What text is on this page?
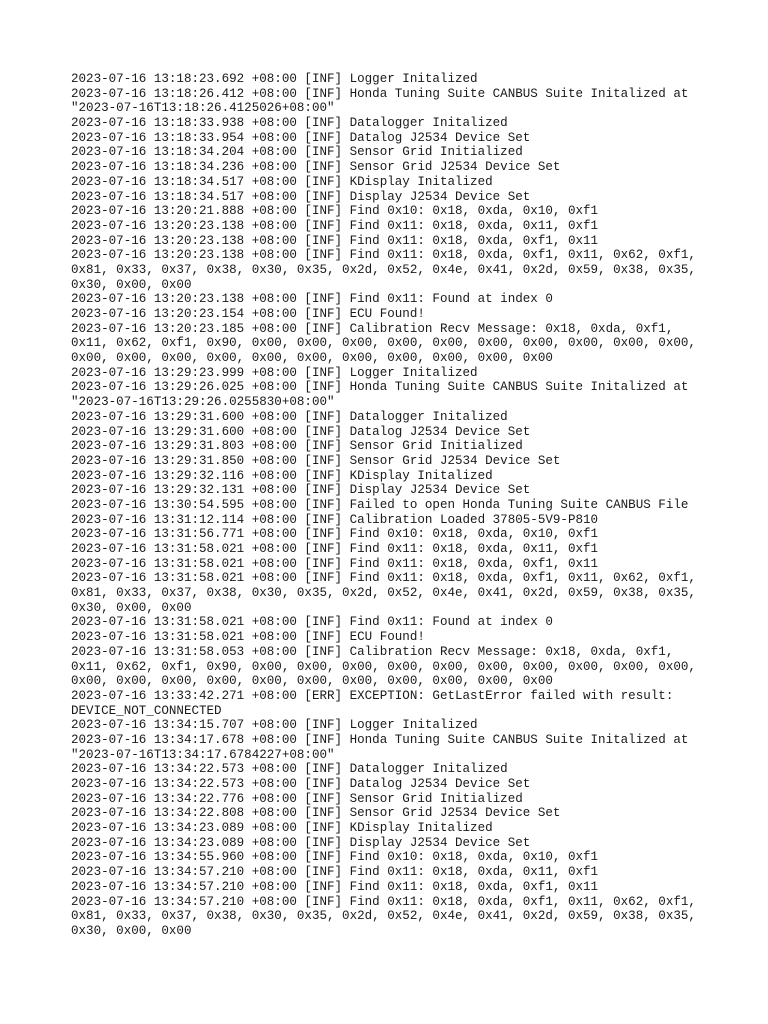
2023-07-16 13:18:23.692 +08:00 [INF] Logger Initalized
2023-07-16 13:18:26.412 +08:00 [INF] Honda Tuning Suite CANBUS Suite Initalized at
"2023-07-16T13:18:26.4125026+08:00"
2023-07-16 13:18:33.938 +08:00 [INF] Datalogger Initalized
2023-07-16 13:18:33.954 +08:00 [INF] Datalog J2534 Device Set
2023-07-16 13:18:34.204 +08:00 [INF] Sensor Grid Initialized
2023-07-16 13:18:34.236 +08:00 [INF] Sensor Grid J2534 Device Set
2023-07-16 13:18:34.517 +08:00 [INF] KDisplay Initalized
2023-07-16 13:18:34.517 +08:00 [INF] Display J2534 Device Set
2023-07-16 13:20:21.888 +08:00 [INF] Find 0x10: 0x18, 0xda, 0x10, 0xf1
2023-07-16 13:20:23.138 +08:00 [INF] Find 0x11: 0x18, 0xda, 0x11, 0xf1
2023-07-16 13:20:23.138 +08:00 [INF] Find 0x11: 0x18, 0xda, 0xf1, 0x11
2023-07-16 13:20:23.138 +08:00 [INF] Find 0x11: 0x18, 0xda, 0xf1, 0x11, 0x62, 0xf1,
0x81, 0x33, 0x37, 0x38, 0x30, 0x35, 0x2d, 0x52, 0x4e, 0x41, 0x2d, 0x59, 0x38, 0x35,
0x30, 0x00, 0x00
2023-07-16 13:20:23.138 +08:00 [INF] Find 0x11: Found at index 0
2023-07-16 13:20:23.154 +08:00 [INF] ECU Found!
2023-07-16 13:20:23.185 +08:00 [INF] Calibration Recv Message: 0x18, 0xda, 0xf1,
0x11, 0x62, 0xf1, 0x90, 0x00, 0x00, 0x00, 0x00, 0x00, 0x00, 0x00, 0x00, 0x00, 0x00,
0x00, 0x00, 0x00, 0x00, 0x00, 0x00, 0x00, 0x00, 0x00, 0x00, 0x00
2023-07-16 13:29:23.999 +08:00 [INF] Logger Initalized
2023-07-16 13:29:26.025 +08:00 [INF] Honda Tuning Suite CANBUS Suite Initalized at
"2023-07-16T13:29:26.0255830+08:00"
2023-07-16 13:29:31.600 +08:00 [INF] Datalogger Initalized
2023-07-16 13:29:31.600 +08:00 [INF] Datalog J2534 Device Set
2023-07-16 13:29:31.803 +08:00 [INF] Sensor Grid Initialized
2023-07-16 13:29:31.850 +08:00 [INF] Sensor Grid J2534 Device Set
2023-07-16 13:29:32.116 +08:00 [INF] KDisplay Initalized
2023-07-16 13:29:32.131 +08:00 [INF] Display J2534 Device Set
2023-07-16 13:30:54.595 +08:00 [INF] Failed to open Honda Tuning Suite CANBUS File
2023-07-16 13:31:12.114 +08:00 [INF] Calibration Loaded 37805-5V9-P810
2023-07-16 13:31:56.771 +08:00 [INF] Find 0x10: 0x18, 0xda, 0x10, 0xf1
2023-07-16 13:31:58.021 +08:00 [INF] Find 0x11: 0x18, 0xda, 0x11, 0xf1
2023-07-16 13:31:58.021 +08:00 [INF] Find 0x11: 0x18, 0xda, 0xf1, 0x11
2023-07-16 13:31:58.021 +08:00 [INF] Find 0x11: 0x18, 0xda, 0xf1, 0x11, 0x62, 0xf1,
0x81, 0x33, 0x37, 0x38, 0x30, 0x35, 0x2d, 0x52, 0x4e, 0x41, 0x2d, 0x59, 0x38, 0x35,
0x30, 0x00, 0x00
2023-07-16 13:31:58.021 +08:00 [INF] Find 0x11: Found at index 0
2023-07-16 13:31:58.021 +08:00 [INF] ECU Found!
2023-07-16 13:31:58.053 +08:00 [INF] Calibration Recv Message: 0x18, 0xda, 0xf1,
0x11, 0x62, 0xf1, 0x90, 0x00, 0x00, 0x00, 0x00, 0x00, 0x00, 0x00, 0x00, 0x00, 0x00,
0x00, 0x00, 0x00, 0x00, 0x00, 0x00, 0x00, 0x00, 0x00, 0x00, 0x00
2023-07-16 13:33:42.271 +08:00 [ERR] EXCEPTION: GetLastError failed with result:
DEVICE_NOT_CONNECTED
2023-07-16 13:34:15.707 +08:00 [INF] Logger Initalized
2023-07-16 13:34:17.678 +08:00 [INF] Honda Tuning Suite CANBUS Suite Initalized at
"2023-07-16T13:34:17.6784227+08:00"
2023-07-16 13:34:22.573 +08:00 [INF] Datalogger Initalized
2023-07-16 13:34:22.573 +08:00 [INF] Datalog J2534 Device Set
2023-07-16 13:34:22.776 +08:00 [INF] Sensor Grid Initialized
2023-07-16 13:34:22.808 +08:00 [INF] Sensor Grid J2534 Device Set
2023-07-16 13:34:23.089 +08:00 [INF] KDisplay Initalized
2023-07-16 13:34:23.089 +08:00 [INF] Display J2534 Device Set
2023-07-16 13:34:55.960 +08:00 [INF] Find 0x10: 0x18, 0xda, 0x10, 0xf1
2023-07-16 13:34:57.210 +08:00 [INF] Find 0x11: 0x18, 0xda, 0x11, 0xf1
2023-07-16 13:34:57.210 +08:00 [INF] Find 0x11: 0x18, 0xda, 0xf1, 0x11
2023-07-16 13:34:57.210 +08:00 [INF] Find 0x11: 0x18, 0xda, 0xf1, 0x11, 0x62, 0xf1,
0x81, 0x33, 0x37, 0x38, 0x30, 0x35, 0x2d, 0x52, 0x4e, 0x41, 0x2d, 0x59, 0x38, 0x35,
0x30, 0x00, 0x00
